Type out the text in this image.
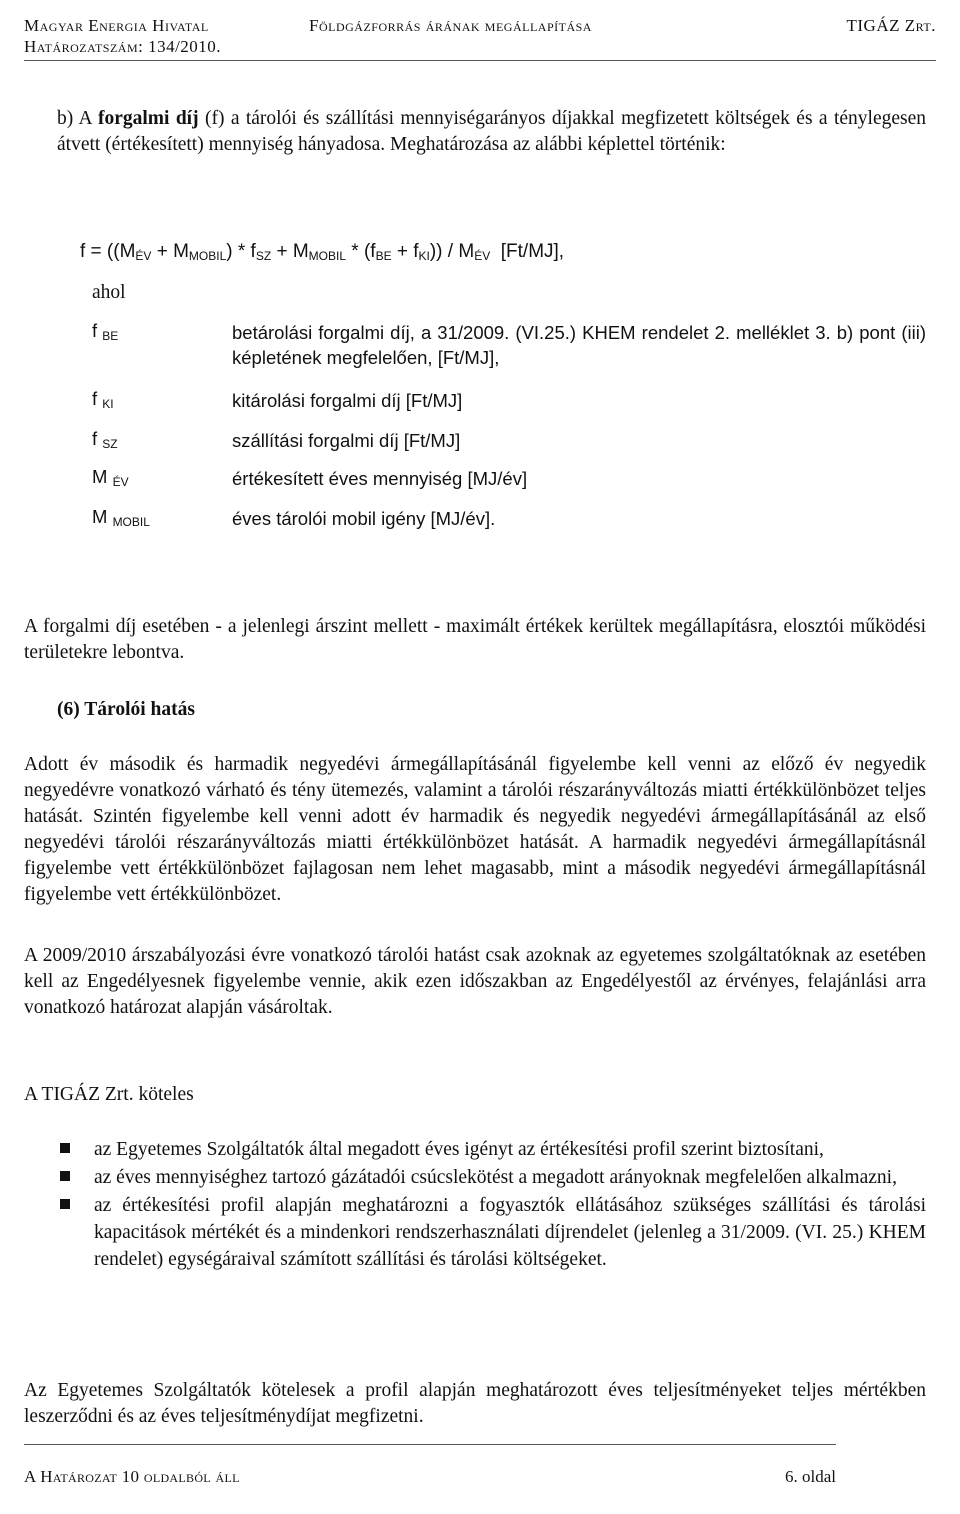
Magyar Energia Hivatal
Határozatszám: 134/2010.
Földgázforrás árának megállapítása	TIGÁZ Zrt.
b) A forgalmi díj (f) a tárolói és szállítási mennyiségarányos díjakkal megfizetett költségek és a ténylegesen átvett (értékesített) mennyiség hányadosa. Meghatározása az alábbi képlettel történik:
$f = ((M_{ÉV} + M_{MOBIL}) * f_{SZ} + M_{MOBIL} * (f_{BE} + f_{KI})) / M_{ÉV}$  [Ft/MJ],
ahol
f $_{BE}$	betárolási forgalmi díj, a 31/2009. (VI.25.) KHEM rendelet 2. melléklet 3. b) pont (iii) képletének megfelelően, [Ft/MJ],
f $_{KI}$	kitárolási forgalmi díj [Ft/MJ]
f $_{SZ}$	szállítási forgalmi díj [Ft/MJ]
M $_{ÉV}$	értékesített éves mennyiség [MJ/év]
M $_{MOBIL}$	éves tárolói mobil igény [MJ/év].
A forgalmi díj esetében - a jelenlegi árszint mellett - maximált értékek kerültek megállapításra, elosztói működési területekre lebontva.
(6) Tárolói hatás
Adott év második és harmadik negyedévi ármegállapításánál figyelembe kell venni az előző év negyedik negyedévre vonatkozó várható és tény ütemezés, valamint a tárolói részarányváltozás miatti értékkülönbözet teljes hatását. Szintén figyelembe kell venni adott év harmadik és negyedik negyedévi ármegállapításánál az első negyedévi tárolói részarányváltozás miatti értékkülönbözet hatását. A harmadik negyedévi ármegállapításnál figyelembe vett értékkülönbözet fajlagosan nem lehet magasabb, mint a második negyedévi ármegállapításnál figyelembe vett értékkülönbözet.
A 2009/2010 árszabályozási évre vonatkozó tárolói hatást csak azoknak az egyetemes szolgáltatóknak az esetében kell az Engedélyesnek figyelembe vennie, akik ezen időszakban az Engedélyestől az érvényes, felajánlási arra vonatkozó határozat alapján vásároltak.
A TIGÁZ Zrt. köteles
az Egyetemes Szolgáltatók által megadott éves igényt az értékesítési profil szerint biztosítani,
az éves mennyiséghez tartozó gázátadói csúcslekötést a megadott arányoknak megfelelően alkalmazni,
az értékesítési profil alapján meghatározni a fogyasztók ellátásához szükséges szállítási és tárolási kapacitások mértékét és a mindenkori rendszerhasználati díjrendelet (jelenleg a 31/2009. (VI. 25.) KHEM rendelet) egységáraival számított szállítási és tárolási költségeket.
Az Egyetemes Szolgáltatók kötelesek a profil alapján meghatározott éves teljesítményeket teljes mértékben leszerződni és az éves teljesítménydíjat megfizetni.
A Határozat 10 oldalból áll	6. oldal
